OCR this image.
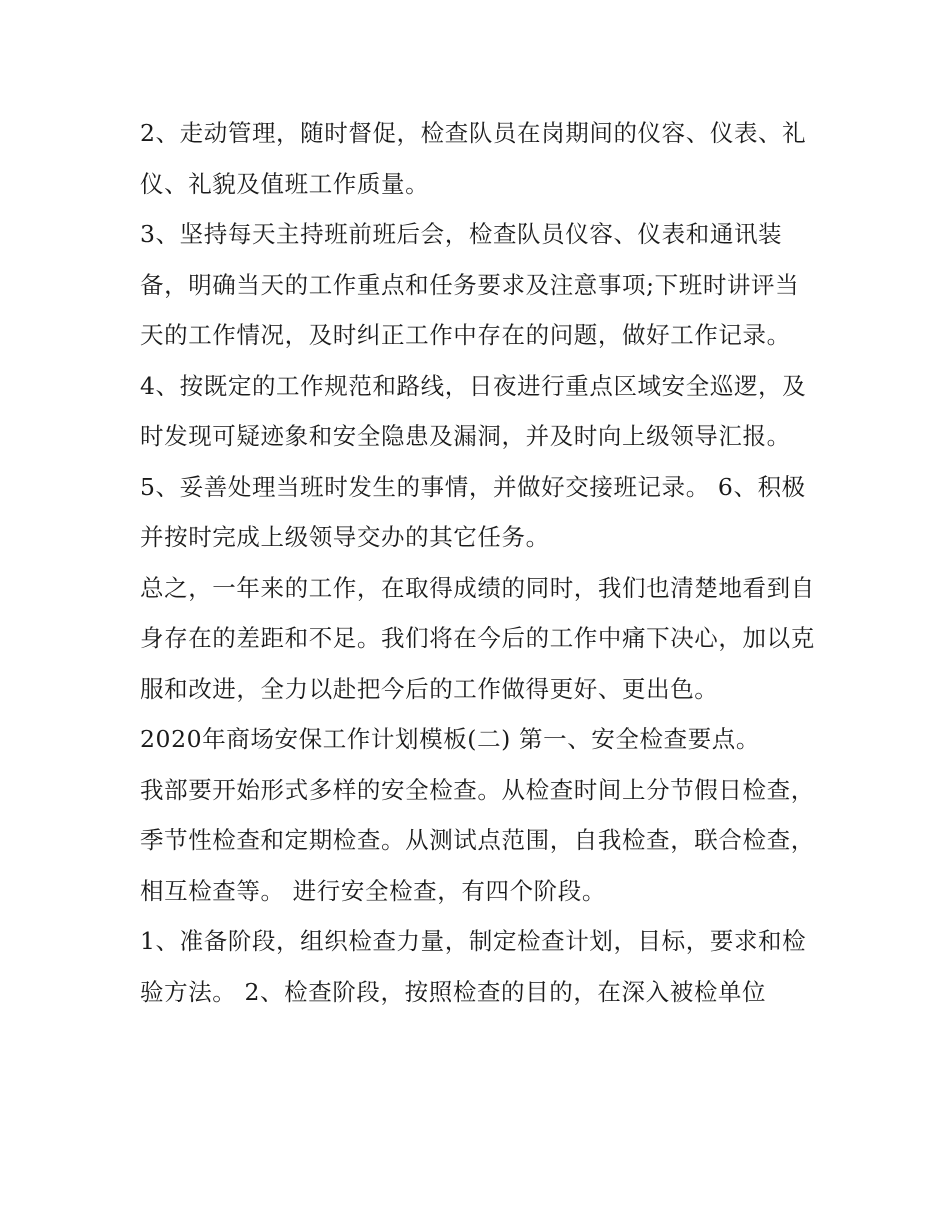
2、走动管理，随时督促，检查队员在岗期间的仪容、仪表、礼仪、礼貌及值班工作质量。

3、坚持每天主持班前班后会，检查队员仪容、仪表和通讯装备，明确当天的工作重点和任务要求及注意事项;下班时讲评当天的工作情况，及时纠正工作中存在的问题，做好工作记录。

4、按既定的工作规范和路线，日夜进行重点区域安全巡逻，及时发现可疑迹象和安全隐患及漏洞，并及时向上级领导汇报。

5、妥善处理当班时发生的事情，并做好交接班记录。 6、积极并按时完成上级领导交办的其它任务。

总之，一年来的工作，在取得成绩的同时，我们也清楚地看到自身存在的差距和不足。我们将在今后的工作中痛下决心，加以克服和改进，全力以赴把今后的工作做得更好、更出色。

2020年商场安保工作计划模板(二) 第一、安全检查要点。

我部要开始形式多样的安全检查。从检查时间上分节假日检查，季节性检查和定期检查。从测试点范围，自我检查，联合检查，相互检查等。 进行安全检查，有四个阶段。

1、准备阶段，组织检查力量，制定检查计划，目标，要求和检验方法。 2、检查阶段，按照检查的目的，在深入被检单位
